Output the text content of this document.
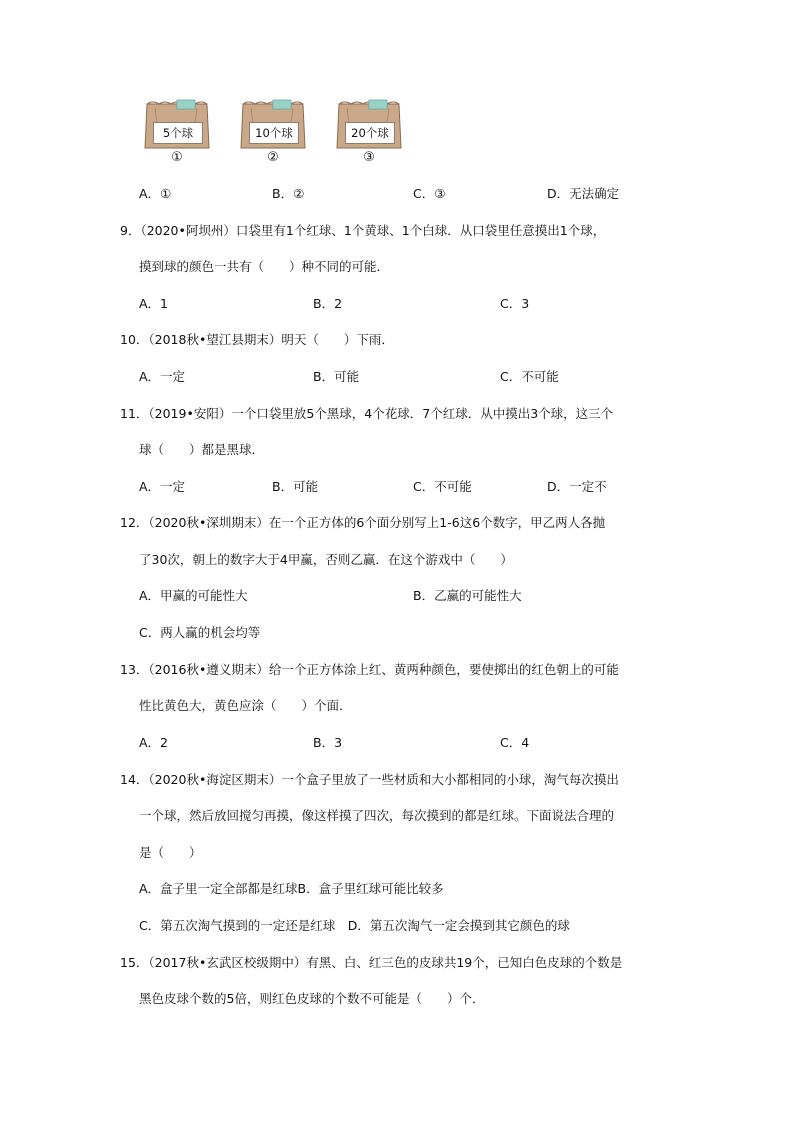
5个球
①
10个球
②
20个球
③
A．①	B．②	C．③	D．无法确定
9．（2020•阿坝州）口袋里有1个红球、1个黄球、1个白球．从口袋里任意摸出1个球，
摸到球的颜色一共有（　　）种不同的可能．
A．1	B．2	C．3
10．（2018秋•望江县期末）明天（　　）下雨．
A．一定	B．可能	C．不可能
11．（2019•安阳）一个口袋里放5个黑球，4个花球．7个红球．从中摸出3个球，这三个
球（　　）都是黑球．
A．一定	B．可能	C．不可能	D．一定不
12．（2020秋•深圳期末）在一个正方体的6个面分别写上1-6这6个数字，甲乙两人各抛
了30次，朝上的数字大于4甲赢，否则乙赢．在这个游戏中（　　）
A．甲赢的可能性大	B．乙赢的可能性大
C．两人赢的机会均等
13．（2016秋•遵义期末）给一个正方体涂上红、黄两种颜色，要使掷出的红色朝上的可能
性比黄色大，黄色应涂（　　）个面．
A．2	B．3	C．4
14．（2020秋•海淀区期末）一个盒子里放了一些材质和大小都相同的小球，淘气每次摸出
一个球，然后放回搅匀再摸，像这样摸了四次，每次摸到的都是红球。下面说法合理的
是（　　）
A．盒子里一定全部都是红球B．盒子里红球可能比较多
C．第五次淘气摸到的一定还是红球　D．第五次淘气一定会摸到其它颜色的球
15．（2017秋•玄武区校级期中）有黑、白、红三色的皮球共19个，已知白色皮球的个数是
黑色皮球个数的5倍，则红色皮球的个数不可能是（　　）个．
